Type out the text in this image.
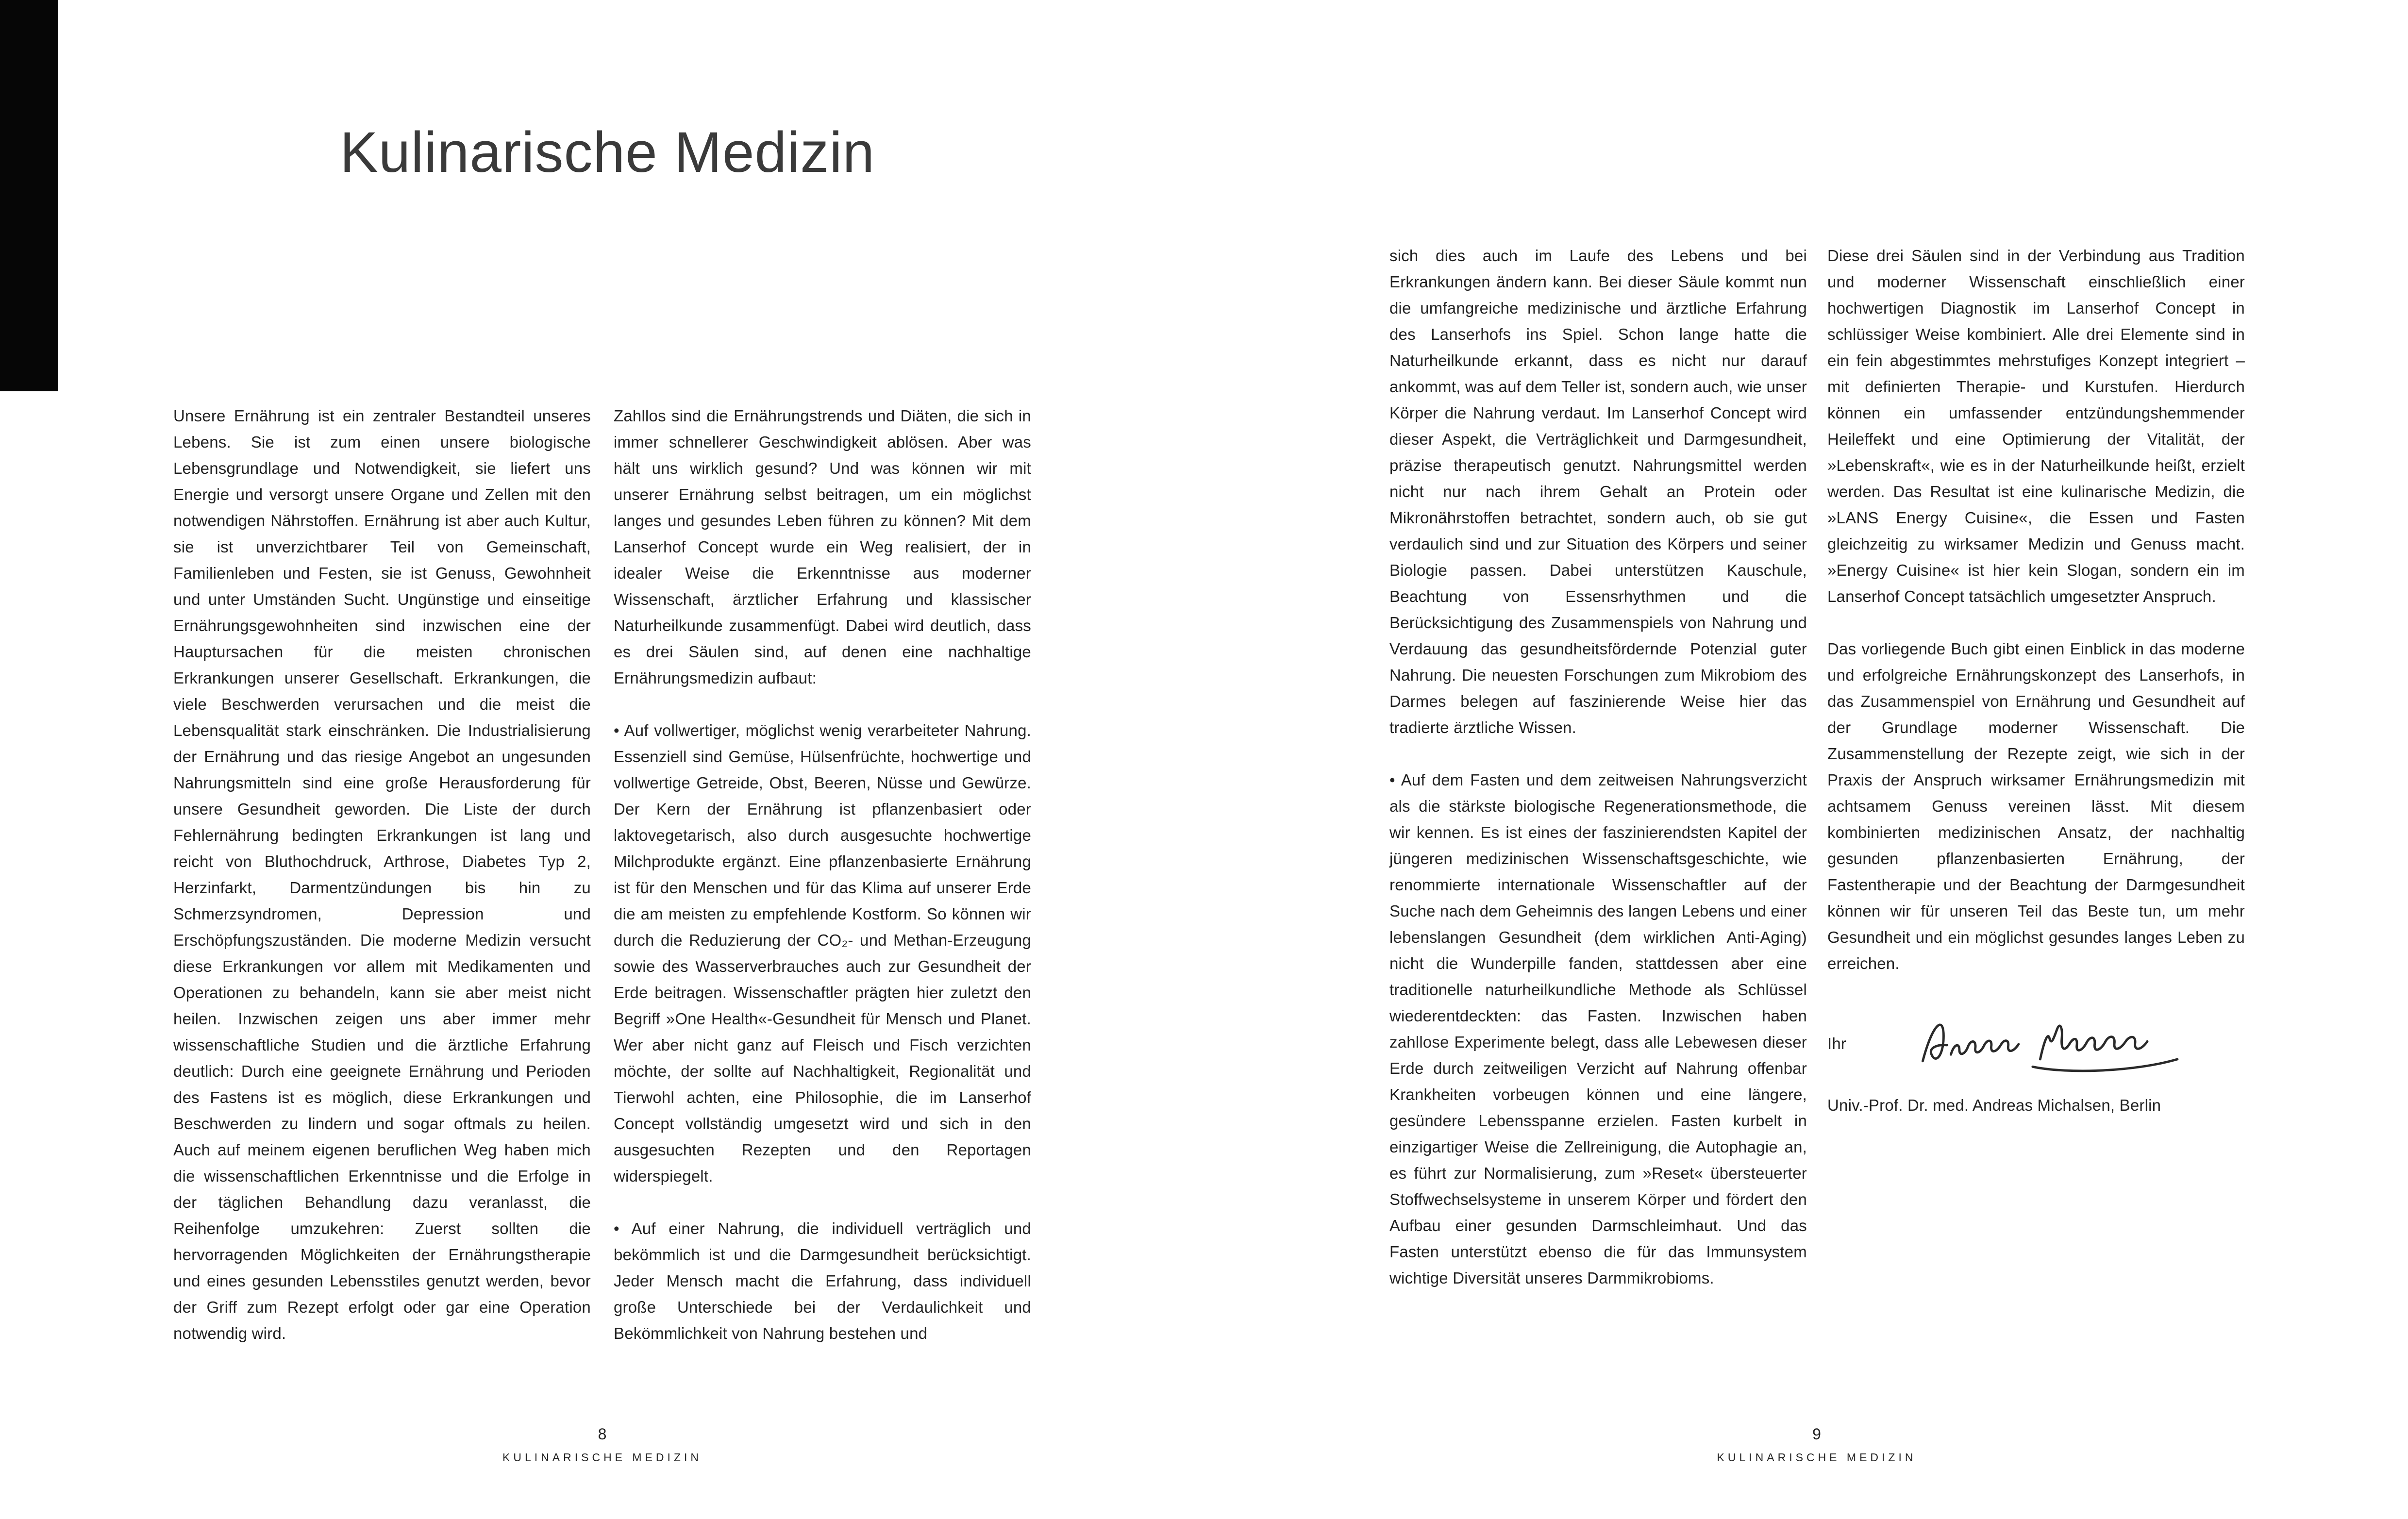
Kulinarische Medizin

Unsere Ernährung ist ein zentraler Bestandteil unseres Lebens. Sie ist zum einen unsere biologische Lebensgrundlage und Notwendigkeit, sie liefert uns Energie und versorgt unsere Organe und Zellen mit den notwendigen Nährstoffen. Ernährung ist aber auch Kultur, sie ist unverzichtbarer Teil von Gemeinschaft, Familienleben und Festen, sie ist Genuss, Gewohnheit und unter Umständen Sucht. Ungünstige und einseitige Ernährungsgewohnheiten sind inzwischen eine der Hauptursachen für die meisten chronischen Erkrankungen unserer Gesellschaft. Erkrankungen, die viele Beschwerden verursachen und die meist die Lebensqualität stark einschränken. Die Industrialisierung der Ernährung und das riesige Angebot an ungesunden Nahrungsmitteln sind eine große Herausforderung für unsere Gesundheit geworden. Die Liste der durch Fehlernährung bedingten Erkrankungen ist lang und reicht von Bluthochdruck, Arthrose, Diabetes Typ 2, Herzinfarkt, Darmentzündungen bis hin zu Schmerzsyndromen, Depression und Erschöpfungszuständen. Die moderne Medizin versucht diese Erkrankungen vor allem mit Medikamenten und Operationen zu behandeln, kann sie aber meist nicht heilen. Inzwischen zeigen uns aber immer mehr wissenschaftliche Studien und die ärztliche Erfahrung deutlich: Durch eine geeignete Ernährung und Perioden des Fastens ist es möglich, diese Erkrankungen und Beschwerden zu lindern und sogar oftmals zu heilen. Auch auf meinem eigenen beruflichen Weg haben mich die wissenschaftlichen Erkenntnisse und die Erfolge in der täglichen Behandlung dazu veranlasst, die Reihenfolge umzukehren: Zuerst sollten die hervorragenden Möglichkeiten der Ernährungstherapie und eines gesunden Lebensstiles genutzt werden, bevor der Griff zum Rezept erfolgt oder gar eine Operation notwendig wird.

Zahllos sind die Ernährungstrends und Diäten, die sich in immer schnellerer Geschwindigkeit ablösen. Aber was hält uns wirklich gesund? Und was können wir mit unserer Ernährung selbst beitragen, um ein möglichst langes und gesundes Leben führen zu können? Mit dem Lanserhof Concept wurde ein Weg realisiert, der in idealer Weise die Erkenntnisse aus moderner Wissenschaft, ärztlicher Erfahrung und klassischer Naturheilkunde zusammenfügt. Dabei wird deutlich, dass es drei Säulen sind, auf denen eine nachhaltige Ernährungsmedizin aufbaut:

• Auf vollwertiger, möglichst wenig verarbeiteter Nahrung. Essenziell sind Gemüse, Hülsenfrüchte, hochwertige und vollwertige Getreide, Obst, Beeren, Nüsse und Gewürze. Der Kern der Ernährung ist pflanzenbasiert oder laktovegetarisch, also durch ausgesuchte hochwertige Milchprodukte ergänzt. Eine pflanzenbasierte Ernährung ist für den Menschen und für das Klima auf unserer Erde die am meisten zu empfehlende Kostform. So können wir durch die Reduzierung der CO₂- und Methan-Erzeugung sowie des Wasserverbrauches auch zur Gesundheit der Erde beitragen. Wissenschaftler prägten hier zuletzt den Begriff »One Health«-Gesundheit für Mensch und Planet. Wer aber nicht ganz auf Fleisch und Fisch verzichten möchte, der sollte auf Nachhaltigkeit, Regionalität und Tierwohl achten, eine Philosophie, die im Lanserhof Concept vollständig umgesetzt wird und sich in den ausgesuchten Rezepten und den Reportagen widerspiegelt.

• Auf einer Nahrung, die individuell verträglich und bekömmlich ist und die Darmgesundheit berücksichtigt. Jeder Mensch macht die Erfahrung, dass individuell große Unterschiede bei der Verdaulichkeit und Bekömmlichkeit von Nahrung bestehen und

sich dies auch im Laufe des Lebens und bei Erkrankungen ändern kann. Bei dieser Säule kommt nun die umfangreiche medizinische und ärztliche Erfahrung des Lanserhofs ins Spiel. Schon lange hatte die Naturheilkunde erkannt, dass es nicht nur darauf ankommt, was auf dem Teller ist, sondern auch, wie unser Körper die Nahrung verdaut. Im Lanserhof Concept wird dieser Aspekt, die Verträglichkeit und Darmgesundheit, präzise therapeutisch genutzt. Nahrungsmittel werden nicht nur nach ihrem Gehalt an Protein oder Mikronährstoffen betrachtet, sondern auch, ob sie gut verdaulich sind und zur Situation des Körpers und seiner Biologie passen. Dabei unterstützen Kauschule, Beachtung von Essensrhythmen und die Berücksichtigung des Zusammenspiels von Nahrung und Verdauung das gesundheitsfördernde Potenzial guter Nahrung. Die neuesten Forschungen zum Mikrobiom des Darmes belegen auf faszinierende Weise hier das tradierte ärztliche Wissen.

• Auf dem Fasten und dem zeitweisen Nahrungsverzicht als die stärkste biologische Regenerationsmethode, die wir kennen. Es ist eines der faszinierendsten Kapitel der jüngeren medizinischen Wissenschaftsgeschichte, wie renommierte internationale Wissenschaftler auf der Suche nach dem Geheimnis des langen Lebens und einer lebenslangen Gesundheit (dem wirklichen Anti-Aging) nicht die Wunderpille fanden, stattdessen aber eine traditionelle naturheilkundliche Methode als Schlüssel wiederentdeckten: das Fasten. Inzwischen haben zahllose Experimente belegt, dass alle Lebewesen dieser Erde durch zeitweiligen Verzicht auf Nahrung offenbar Krankheiten vorbeugen können und eine längere, gesündere Lebensspanne erzielen. Fasten kurbelt in einzigartiger Weise die Zellreinigung, die Autophagie an, es führt zur Normalisierung, zum »Reset« übersteuerter Stoffwechselsysteme in unserem Körper und fördert den Aufbau einer gesunden Darmschleimhaut. Und das Fasten unterstützt ebenso die für das Immunsystem wichtige Diversität unseres Darmmikrobioms.

Diese drei Säulen sind in der Verbindung aus Tradition und moderner Wissenschaft einschließlich einer hochwertigen Diagnostik im Lanserhof Concept in schlüssiger Weise kombiniert. Alle drei Elemente sind in ein fein abgestimmtes mehrstufiges Konzept integriert – mit definierten Therapie- und Kurstufen. Hierdurch können ein umfassender entzündungshemmender Heileffekt und eine Optimierung der Vitalität, der »Lebenskraft«, wie es in der Naturheilkunde heißt, erzielt werden. Das Resultat ist eine kulinarische Medizin, die »LANS Energy Cuisine«, die Essen und Fasten gleichzeitig zu wirksamer Medizin und Genuss macht. »Energy Cuisine« ist hier kein Slogan, sondern ein im Lanserhof Concept tatsächlich umgesetzter Anspruch.

Das vorliegende Buch gibt einen Einblick in das moderne und erfolgreiche Ernährungskonzept des Lanserhofs, in das Zusammenspiel von Ernährung und Gesundheit auf der Grundlage moderner Wissenschaft. Die Zusammenstellung der Rezepte zeigt, wie sich in der Praxis der Anspruch wirksamer Ernährungsmedizin mit achtsamem Genuss vereinen lässt. Mit diesem kombinierten medizinischen Ansatz, der nachhaltig gesunden pflanzenbasierten Ernährung, der Fastentherapie und der Beachtung der Darmgesundheit können wir für unseren Teil das Beste tun, um mehr Gesundheit und ein möglichst gesundes langes Leben zu erreichen.

Ihr
Univ.-Prof. Dr. med. Andreas Michalsen, Berlin
8
KULINARISCHE MEDIZIN
9
KULINARISCHE MEDIZIN
